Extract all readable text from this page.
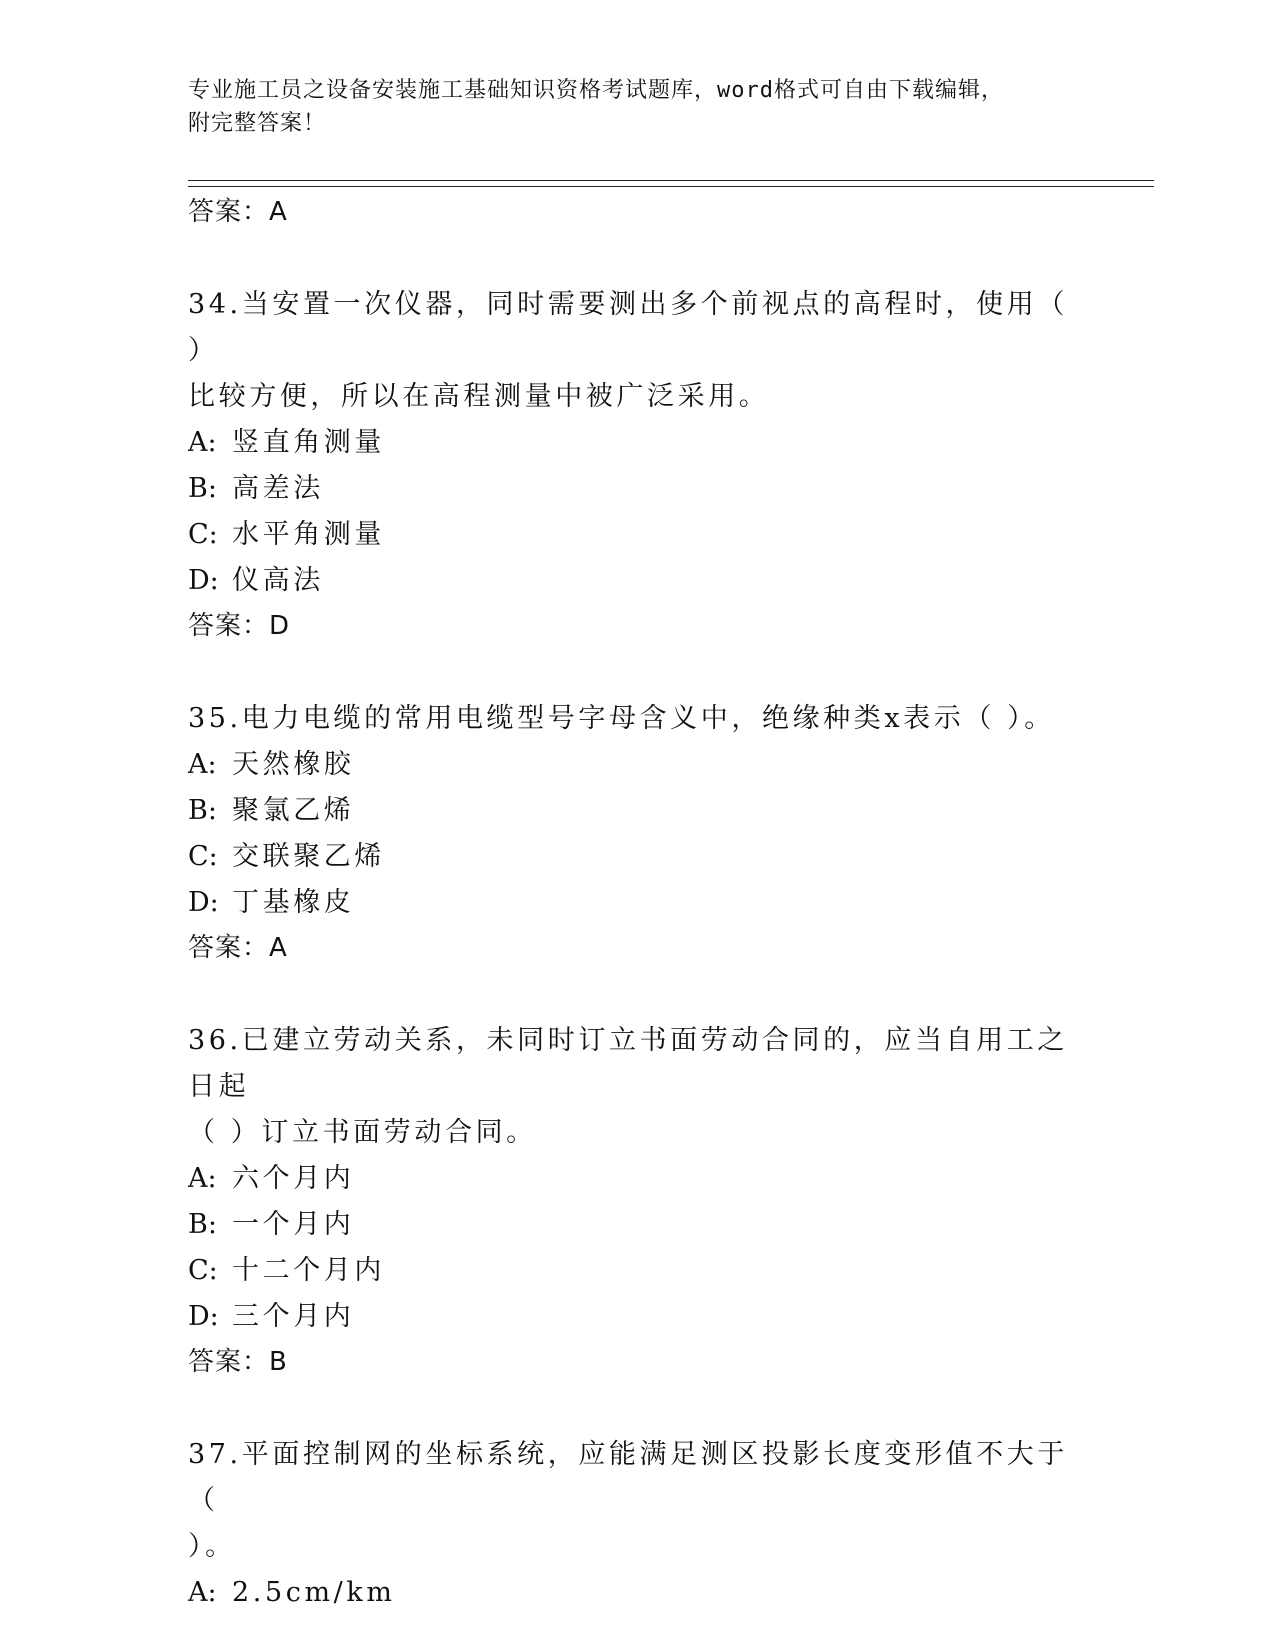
专业施工员之设备安装施工基础知识资格考试题库，word格式可自由下载编辑，
附完整答案！
答案：A
34.当安置一次仪器，同时需要测出多个前视点的高程时，使用（ ）
比较方便，所以在高程测量中被广泛采用。
A: 竖直角测量
B: 高差法
C: 水平角测量
D: 仪高法
答案：D
35.电力电缆的常用电缆型号字母含义中，绝缘种类x表示（ ）。
A: 天然橡胶
B: 聚氯乙烯
C: 交联聚乙烯
D: 丁基橡皮
答案：A
36.已建立劳动关系，未同时订立书面劳动合同的，应当自用工之日起
（ ）订立书面劳动合同。
A: 六个月内
B: 一个月内
C: 十二个月内
D: 三个月内
答案：B
37.平面控制网的坐标系统，应能满足测区投影长度变形值不大于（
）。
A: 2.5cm/km
